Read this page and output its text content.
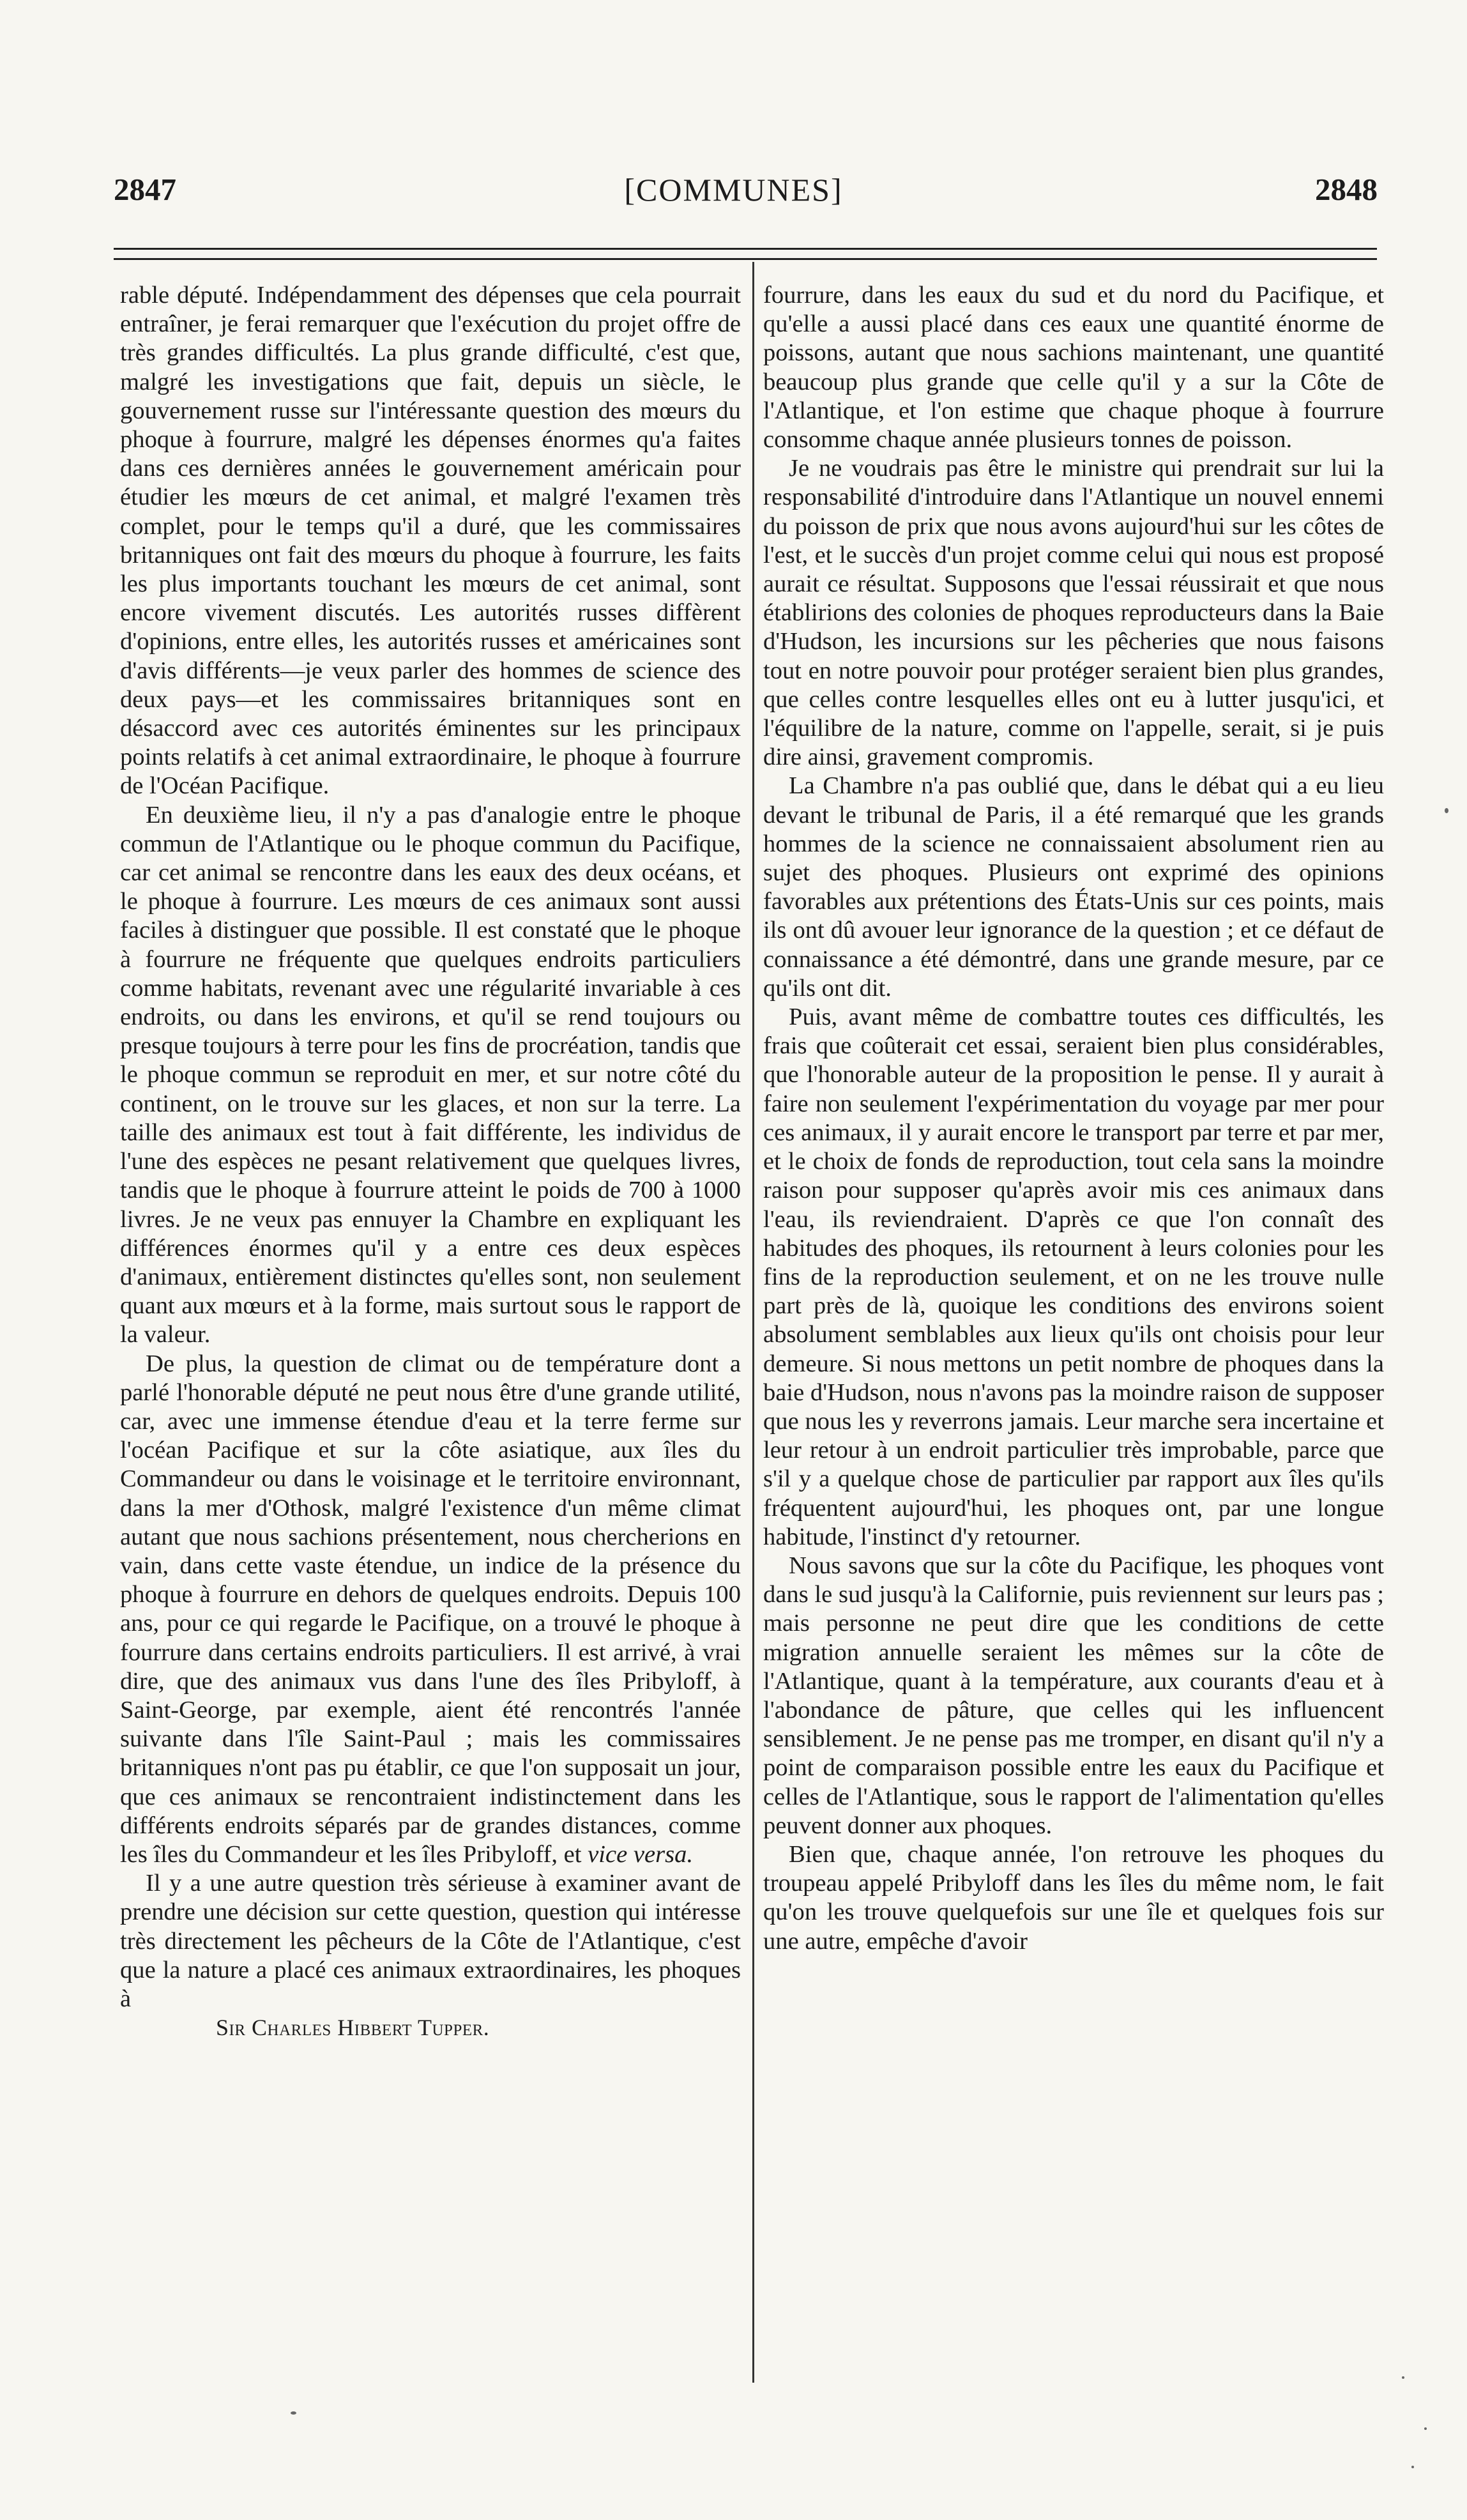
2847	[COMMUNES]	2848

rable député. Indépendamment des dépenses que cela pourrait entraîner, je ferai remarquer que l'exécution du projet offre de très grandes difficultés. La plus grande difficulté, c'est que, malgré les investigations que fait, depuis un siècle, le gouvernement russe sur l'intéressante question des mœurs du phoque à fourrure, malgré les dépenses énormes qu'a faites dans ces dernières années le gouvernement américain pour étudier les mœurs de cet animal, et malgré l'examen très complet, pour le temps qu'il a duré, que les commissaires britanniques ont fait des mœurs du phoque à fourrure, les faits les plus importants touchant les mœurs de cet animal, sont encore vivement discutés. Les autorités russes diffèrent d'opinions, entre elles, les autorités russes et américaines sont d'avis différents—je veux parler des hommes de science des deux pays—et les commissaires britanniques sont en désaccord avec ces autorités éminentes sur les principaux points relatifs à cet animal extraordinaire, le phoque à fourrure de l'Océan Pacifique.

En deuxième lieu, il n'y a pas d'analogie entre le phoque commun de l'Atlantique ou le phoque commun du Pacifique, car cet animal se rencontre dans les eaux des deux océans, et le phoque à fourrure. Les mœurs de ces animaux sont aussi faciles à distinguer que possible. Il est constaté que le phoque à fourrure ne fréquente que quelques endroits particuliers comme habitats, revenant avec une régularité invariable à ces endroits, ou dans les environs, et qu'il se rend toujours ou presque toujours à terre pour les fins de procréation, tandis que le phoque commun se reproduit en mer, et sur notre côté du continent, on le trouve sur les glaces, et non sur la terre. La taille des animaux est tout à fait différente, les individus de l'une des espèces ne pesant relativement que quelques livres, tandis que le phoque à fourrure atteint le poids de 700 à 1000 livres. Je ne veux pas ennuyer la Chambre en expliquant les différences énormes qu'il y a entre ces deux espèces d'animaux, entièrement distinctes qu'elles sont, non seulement quant aux mœurs et à la forme, mais surtout sous le rapport de la valeur.

De plus, la question de climat ou de température dont a parlé l'honorable député ne peut nous être d'une grande utilité, car, avec une immense étendue d'eau et la terre ferme sur l'océan Pacifique et sur la côte asiatique, aux îles du Commandeur ou dans le voisinage et le territoire environnant, dans la mer d'Othosk, malgré l'existence d'un même climat autant que nous sachions présentement, nous chercherions en vain, dans cette vaste étendue, un indice de la présence du phoque à fourrure en dehors de quelques endroits. Depuis 100 ans, pour ce qui regarde le Pacifique, on a trouvé le phoque à fourrure dans certains endroits particuliers. Il est arrivé, à vrai dire, que des animaux vus dans l'une des îles Pribyloff, à Saint-George, par exemple, aient été rencontrés l'année suivante dans l'île Saint-Paul ; mais les commissaires britanniques n'ont pas pu établir, ce que l'on supposait un jour, que ces animaux se rencontraient indistinctement dans les différents endroits séparés par de grandes distances, comme les îles du Commandeur et les îles Pribyloff, et vice versa.

Il y a une autre question très sérieuse à examiner avant de prendre une décision sur cette question, question qui intéresse très directement les pêcheurs de la Côte de l'Atlantique, c'est que la nature a placé ces animaux extraordinaires, les phoques à

Sir Charles Hibbert Tupper.

fourrure, dans les eaux du sud et du nord du Pacifique, et qu'elle a aussi placé dans ces eaux une quantité énorme de poissons, autant que nous sachions maintenant, une quantité beaucoup plus grande que celle qu'il y a sur la Côte de l'Atlantique, et l'on estime que chaque phoque à fourrure consomme chaque année plusieurs tonnes de poisson.

Je ne voudrais pas être le ministre qui prendrait sur lui la responsabilité d'introduire dans l'Atlantique un nouvel ennemi du poisson de prix que nous avons aujourd'hui sur les côtes de l'est, et le succès d'un projet comme celui qui nous est proposé aurait ce résultat. Supposons que l'essai réussirait et que nous établirions des colonies de phoques reproducteurs dans la Baie d'Hudson, les incursions sur les pêcheries que nous faisons tout en notre pouvoir pour protéger seraient bien plus grandes, que celles contre lesquelles elles ont eu à lutter jusqu'ici, et l'équilibre de la nature, comme on l'appelle, serait, si je puis dire ainsi, gravement compromis.

La Chambre n'a pas oublié que, dans le débat qui a eu lieu devant le tribunal de Paris, il a été remarqué que les grands hommes de la science ne connaissaient absolument rien au sujet des phoques. Plusieurs ont exprimé des opinions favorables aux prétentions des États-Unis sur ces points, mais ils ont dû avouer leur ignorance de la question ; et ce défaut de connaissance a été démontré, dans une grande mesure, par ce qu'ils ont dit.

Puis, avant même de combattre toutes ces difficultés, les frais que coûterait cet essai, seraient bien plus considérables, que l'honorable auteur de la proposition le pense. Il y aurait à faire non seulement l'expérimentation du voyage par mer pour ces animaux, il y aurait encore le transport par terre et par mer, et le choix de fonds de reproduction, tout cela sans la moindre raison pour supposer qu'après avoir mis ces animaux dans l'eau, ils reviendraient. D'après ce que l'on connaît des habitudes des phoques, ils retournent à leurs colonies pour les fins de la reproduction seulement, et on ne les trouve nulle part près de là, quoique les conditions des environs soient absolument semblables aux lieux qu'ils ont choisis pour leur demeure. Si nous mettons un petit nombre de phoques dans la baie d'Hudson, nous n'avons pas la moindre raison de supposer que nous les y reverrons jamais. Leur marche sera incertaine et leur retour à un endroit particulier très improbable, parce que s'il y a quelque chose de particulier par rapport aux îles qu'ils fréquentent aujourd'hui, les phoques ont, par une longue habitude, l'instinct d'y retourner.

Nous savons que sur la côte du Pacifique, les phoques vont dans le sud jusqu'à la Californie, puis reviennent sur leurs pas ; mais personne ne peut dire que les conditions de cette migration annuelle seraient les mêmes sur la côte de l'Atlantique, quant à la température, aux courants d'eau et à l'abondance de pâture, que celles qui les influencent sensiblement. Je ne pense pas me tromper, en disant qu'il n'y a point de comparaison possible entre les eaux du Pacifique et celles de l'Atlantique, sous le rapport de l'alimentation qu'elles peuvent donner aux phoques.

Bien que, chaque année, l'on retrouve les phoques du troupeau appelé Pribyloff dans les îles du même nom, le fait qu'on les trouve quelquefois sur une île et quelques fois sur une autre, empêche d'avoir
